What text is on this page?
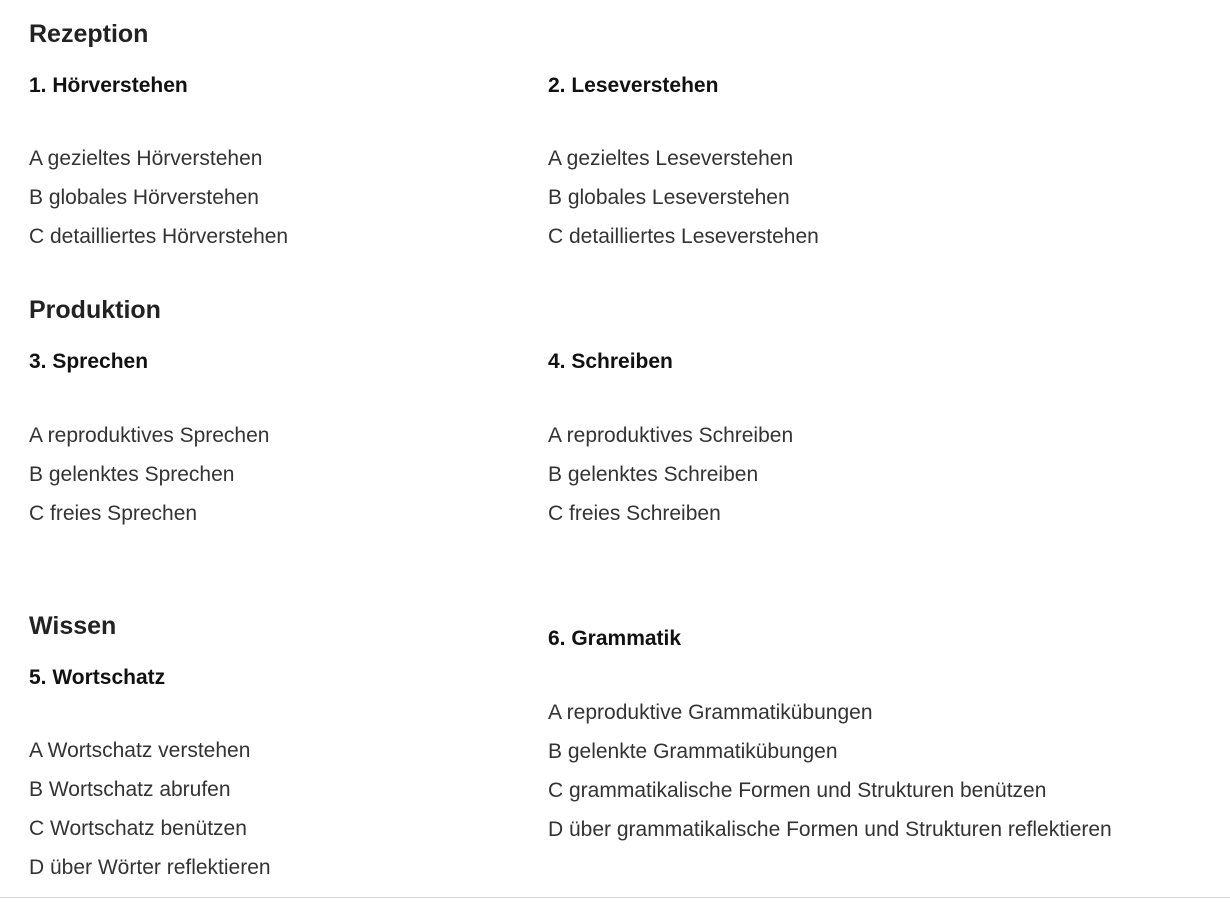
Rezeption
1. Hörverstehen
A gezieltes Hörverstehen
B globales Hörverstehen
C detailliertes Hörverstehen
2. Leseverstehen
A gezieltes Leseverstehen
B globales Leseverstehen
C detailliertes Leseverstehen
Produktion
3. Sprechen
A reproduktives Sprechen
B gelenktes Sprechen
C freies Sprechen
4. Schreiben
A reproduktives Schreiben
B gelenktes Schreiben
C freies Schreiben
Wissen
5. Wortschatz
A Wortschatz verstehen
B Wortschatz abrufen
C Wortschatz benützen
D über Wörter reflektieren
6. Grammatik
A reproduktive Grammatikübungen
B gelenkte Grammatikübungen
C grammatikalische Formen und Strukturen benützen
D über grammatikalische Formen und Strukturen reflektieren
